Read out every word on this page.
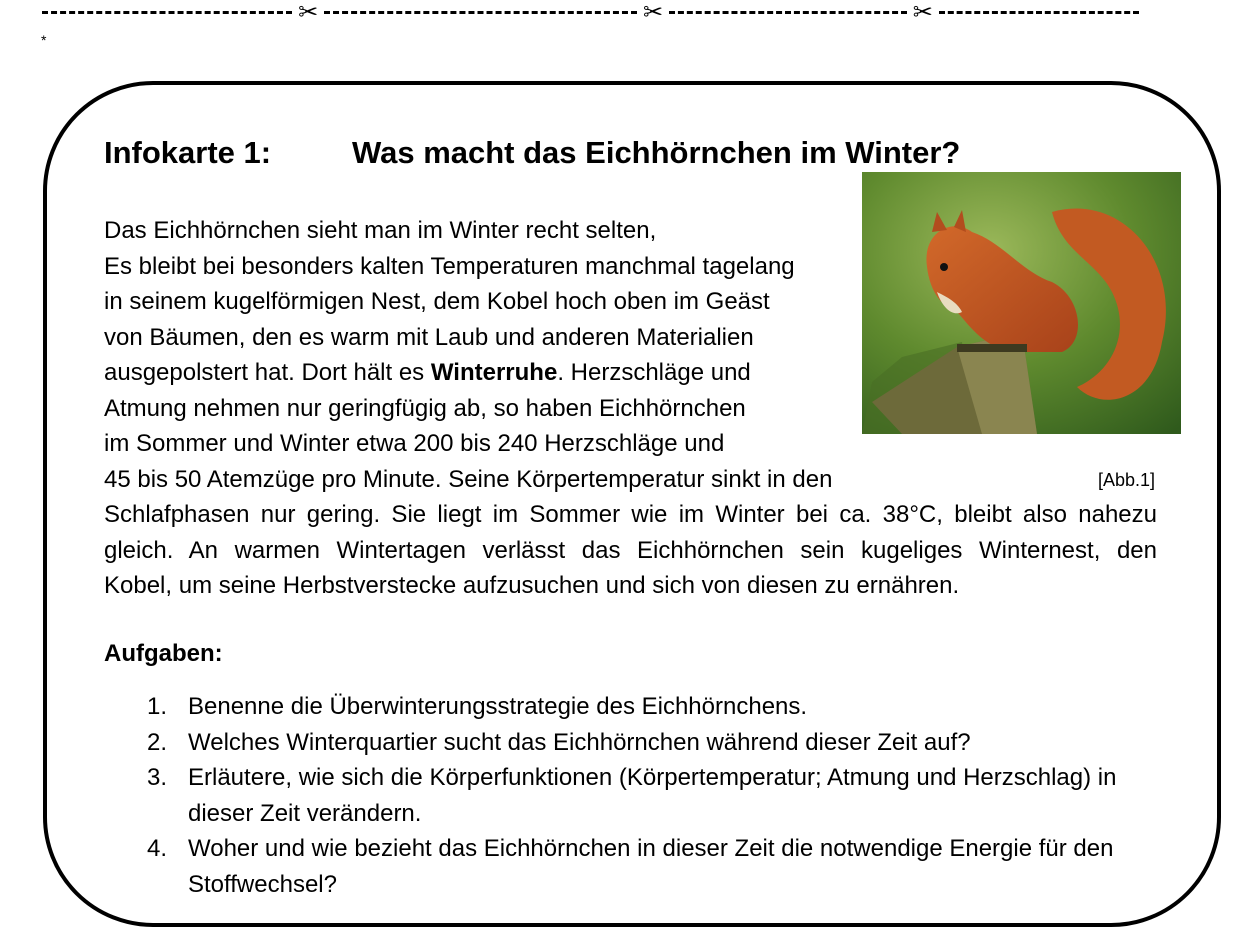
✂	✂	✂
*
Infokarte 1:	Was macht das Eichhörnchen im Winter?
Das Eichhörnchen sieht man im Winter recht selten,
Es bleibt bei besonders kalten Temperaturen manchmal tagelang
in seinem kugelförmigen Nest, dem Kobel hoch oben im Geäst
von Bäumen, den es warm mit Laub und anderen Materialien
ausgepolstert hat. Dort hält es Winterruhe. Herzschläge und
Atmung nehmen nur geringfügig ab, so haben Eichhörnchen
im Sommer und Winter etwa 200 bis 240 Herzschläge und
45 bis 50 Atemzüge pro Minute. Seine Körpertemperatur sinkt in den
Schlafphasen nur gering. Sie liegt im Sommer wie im Winter bei ca. 38°C, bleibt also nahezu
gleich. An warmen Wintertagen verlässt das Eichhörnchen sein kugeliges Winternest, den
Kobel, um seine Herbstverstecke aufzusuchen und sich von diesen zu ernähren.
[Abb.1]
Aufgaben:
1. Benenne die Überwinterungsstrategie des Eichhörnchens.
2. Welches Winterquartier sucht das Eichhörnchen während dieser Zeit auf?
3. Erläutere, wie sich die Körperfunktionen (Körpertemperatur; Atmung und Herzschlag) in dieser Zeit verändern.
4. Woher und wie bezieht das Eichhörnchen in dieser Zeit die notwendige Energie für den Stoffwechsel?
